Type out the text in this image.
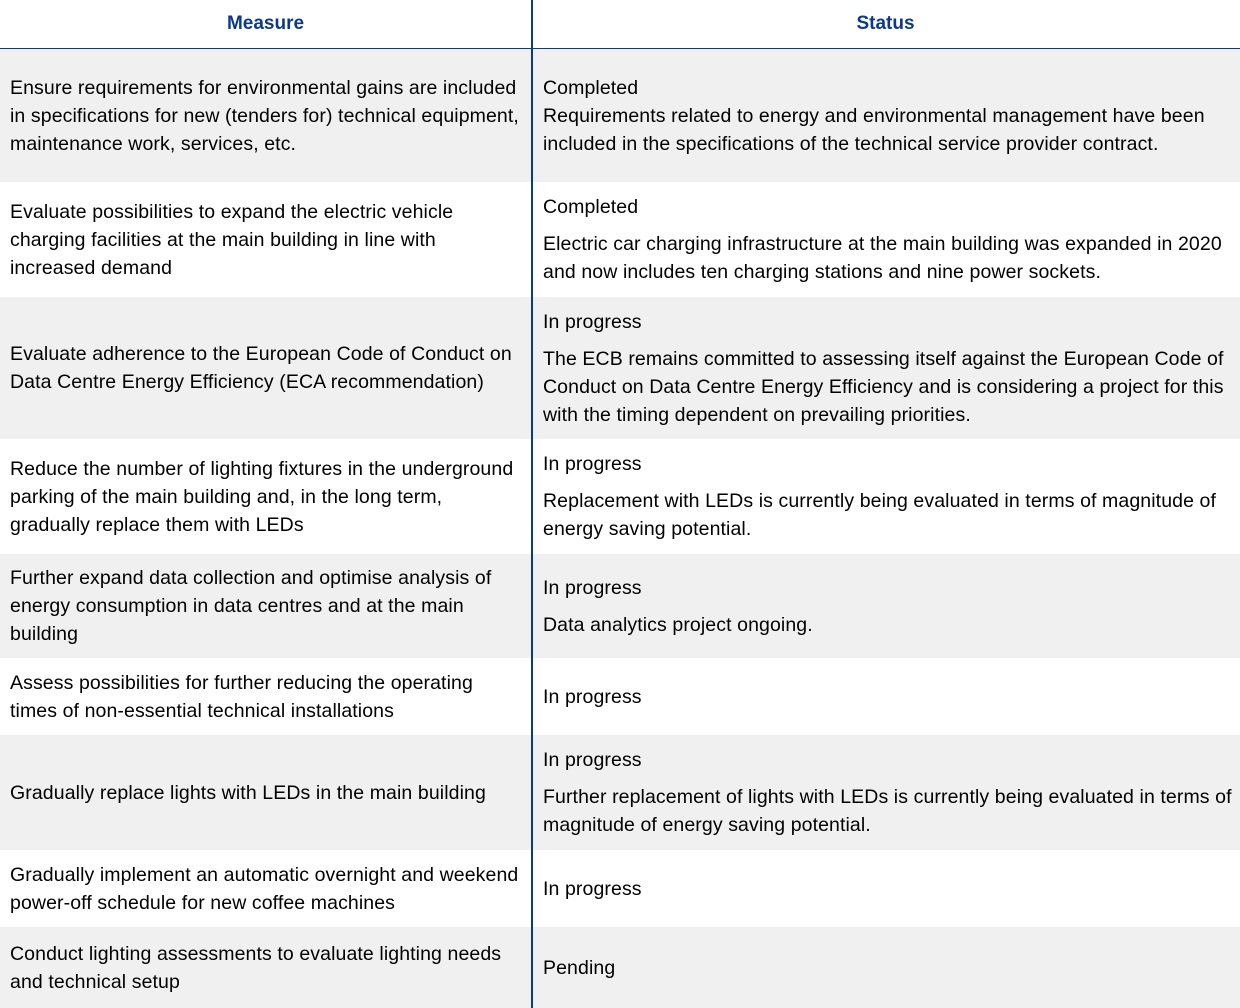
Measure	Status
Ensure requirements for environmental gains are included in specifications for new (tenders for) technical equipment, maintenance work, services, etc.
Completed
Requirements related to energy and environmental management have been included in the specifications of the technical service provider contract.
Evaluate possibilities to expand the electric vehicle charging facilities at the main building in line with increased demand
Completed
Electric car charging infrastructure at the main building was expanded in 2020 and now includes ten charging stations and nine power sockets.
Evaluate adherence to the European Code of Conduct on Data Centre Energy Efficiency (ECA recommendation)
In progress
The ECB remains committed to assessing itself against the European Code of Conduct on Data Centre Energy Efficiency and is considering a project for this with the timing dependent on prevailing priorities.
Reduce the number of lighting fixtures in the underground parking of the main building and, in the long term, gradually replace them with LEDs
In progress
Replacement with LEDs is currently being evaluated in terms of magnitude of energy saving potential.
Further expand data collection and optimise analysis of energy consumption in data centres and at the main building
In progress
Data analytics project ongoing.
Assess possibilities for further reducing the operating times of non-essential technical installations
In progress
Gradually replace lights with LEDs in the main building
In progress
Further replacement of lights with LEDs is currently being evaluated in terms of magnitude of energy saving potential.
Gradually implement an automatic overnight and weekend power-off schedule for new coffee machines
In progress
Conduct lighting assessments to evaluate lighting needs and technical setup
Pending
